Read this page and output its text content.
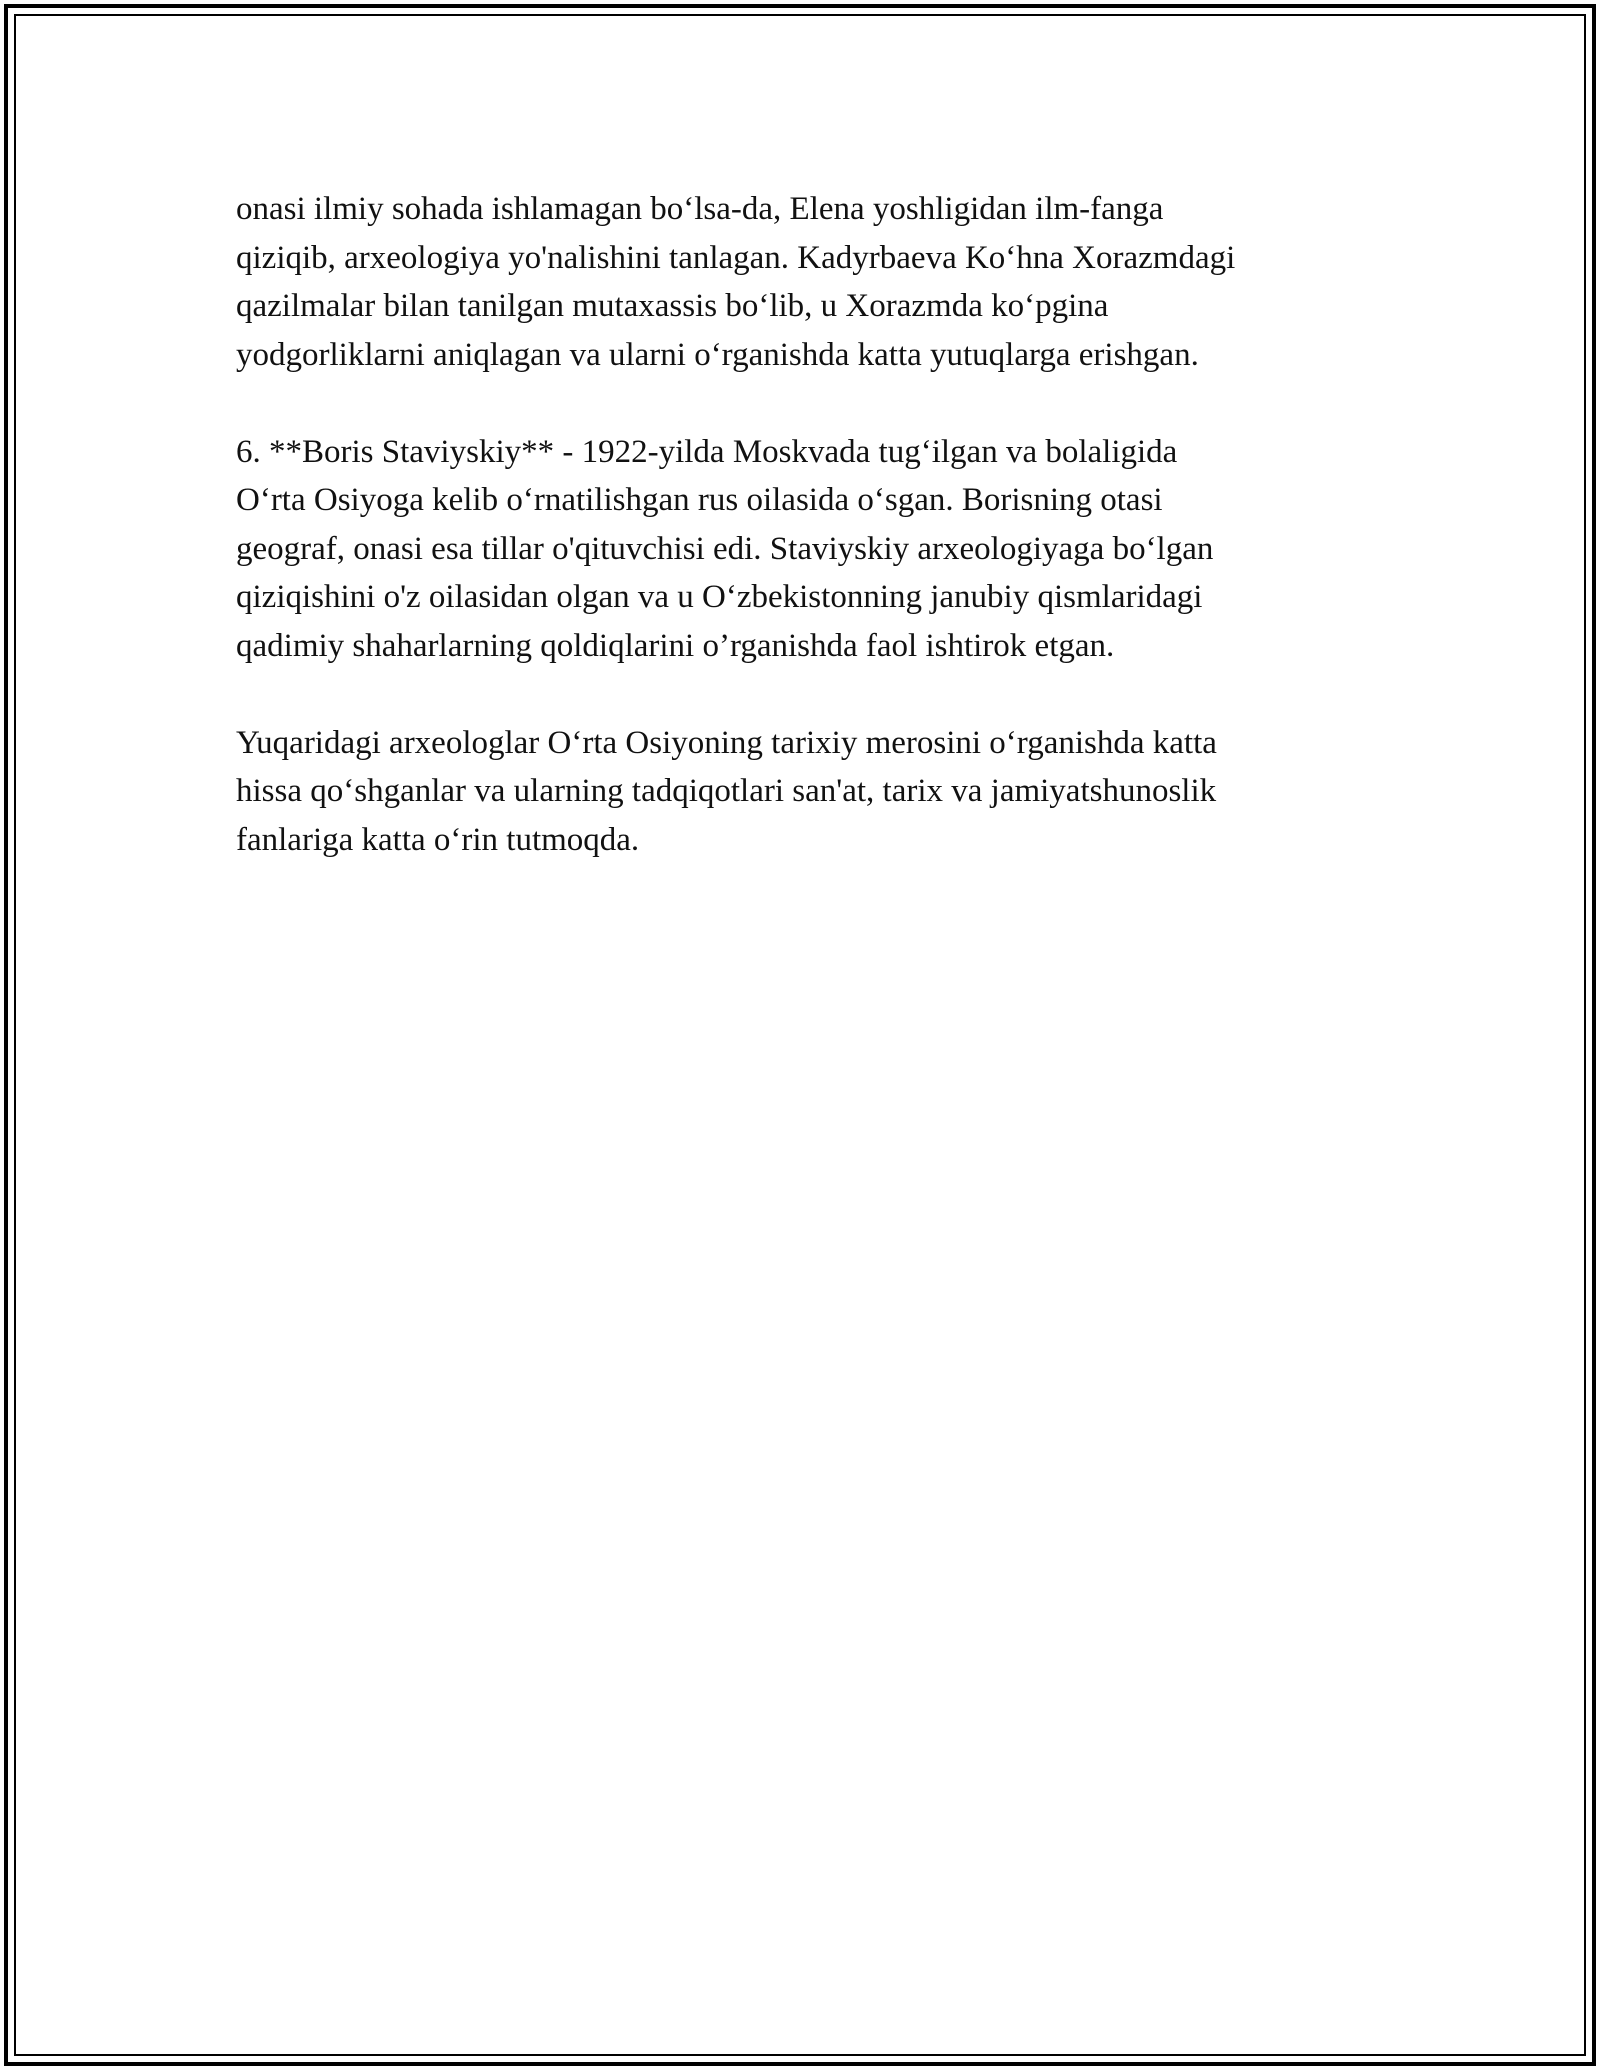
onasi ilmiy sohada ishlamagan bo‘lsa-da, Elena yoshligidan ilm-fanga
qiziqib, arxeologiya yo'nalishini tanlagan. Kadyrbaeva Ko‘hna Xorazmdagi
qazilmalar bilan tanilgan mutaxassis bo‘lib, u Xorazmda ko‘pgina
yodgorliklarni aniqlagan va ularni o‘rganishda katta yutuqlarga erishgan.

6. **Boris Staviyskiy** - 1922-yilda Moskvada tug‘ilgan va bolaligida
O‘rta Osiyoga kelib o‘rnatilishgan rus oilasida o‘sgan. Borisning otasi
geograf, onasi esa tillar o'qituvchisi edi. Staviyskiy arxeologiyaga bo‘lgan
qiziqishini o'z oilasidan olgan va u O‘zbekistonning janubiy qismlaridagi
qadimiy shaharlarning qoldiqlarini o’rganishda faol ishtirok etgan.

Yuqaridagi arxeologlar O‘rta Osiyoning tarixiy merosini o‘rganishda katta
hissa qo‘shganlar va ularning tadqiqotlari san'at, tarix va jamiyatshunoslik
fanlariga katta o‘rin tutmoqda.
